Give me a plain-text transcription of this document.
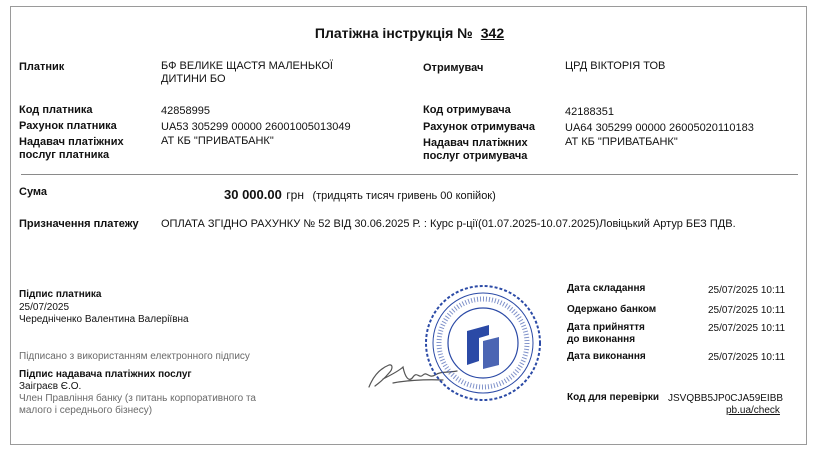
Платіжна інструкція № 342
Платник	БФ ВЕЛИКЕ ЩАСТЯ МАЛЕНЬКОЇ
ДИТИНИ БО
Код платника	42858995
Рахунок платника	UA53 305299 00000 26001005013049
Надавач платіжних
послуг платника
АТ КБ "ПРИВАТБАНК"
Отримувач	ЦРД ВІКТОРІЯ ТОВ
Код отримувача	42188351
Рахунок отримувача	UA64 305299 00000 26005020110183
Надавач платіжних
послуг отримувача
АТ КБ "ПРИВАТБАНК"
Сума	30 000.00 грн (тридцять тисяч гривень 00 копійок)
Призначення платежу ОПЛАТА ЗГІДНО РАХУНКУ № 52 ВІД 30.06.2025 Р. : Курс р-ції(01.07.2025-10.07.2025)Ловіцький Артур БЕЗ ПДВ.
Підпис платника
25/07/2025
Чередніченко Валентина Валеріївна
Підписано з використанням електронного підпису
Підпис надавача платіжних послуг
Заіграєв Є.О.
Член Правління банку (з питань корпоративного та
малого і середнього бізнесу)
Дата складання	25/07/2025 10:11
Одержано банком	25/07/2025 10:11
Дата прийняття
до виконання
25/07/2025 10:11
Дата виконання	25/07/2025 10:11
Код для перевірки JSVQBB5JP0CJA59EIBB
pb.ua/check
